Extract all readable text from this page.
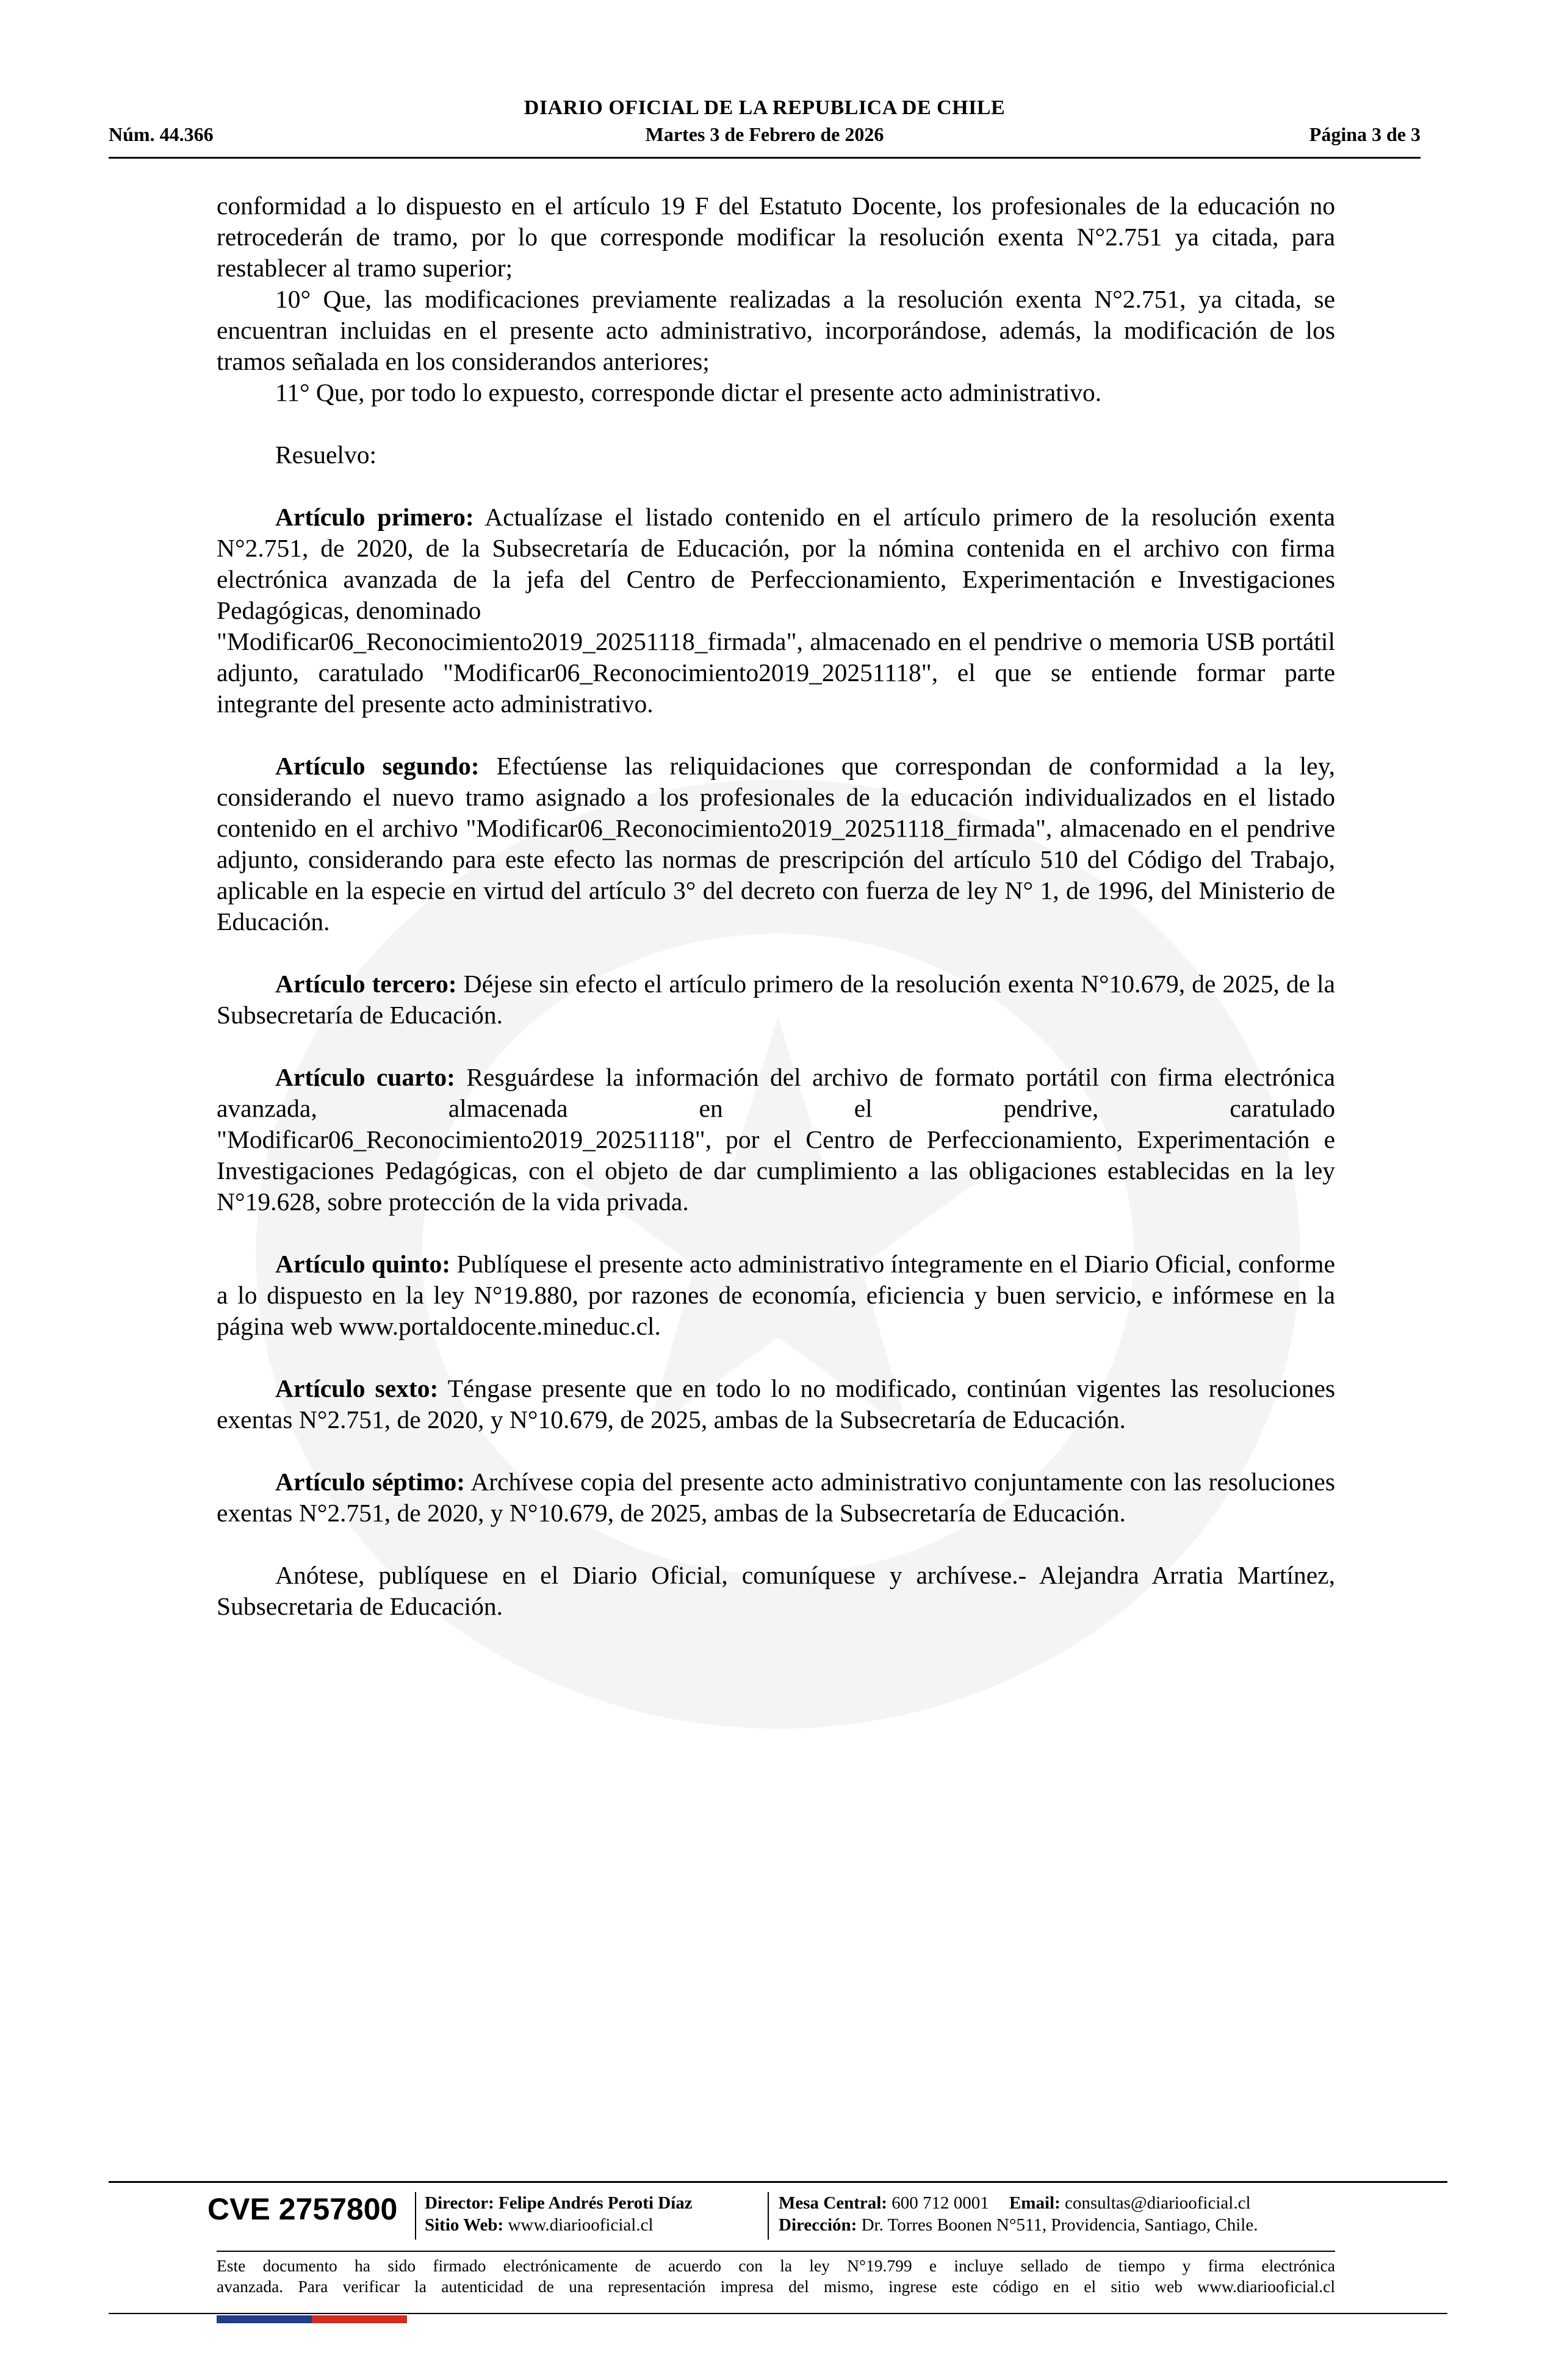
DIARIO OFICIAL DE LA REPUBLICA DE CHILE
Núm. 44.366	Martes 3 de Febrero de 2026	Página 3 de 3

conformidad a lo dispuesto en el artículo 19 F del Estatuto Docente, los profesionales de la educación no retrocederán de tramo, por lo que corresponde modificar la resolución exenta N°2.751 ya citada, para restablecer al tramo superior;

10° Que, las modificaciones previamente realizadas a la resolución exenta N°2.751, ya citada, se encuentran incluidas en el presente acto administrativo, incorporándose, además, la modificación de los tramos señalada en los considerandos anteriores;

11° Que, por todo lo expuesto, corresponde dictar el presente acto administrativo.

Resuelvo:

Artículo primero: Actualízase el listado contenido en el artículo primero de la resolución exenta N°2.751, de 2020, de la Subsecretaría de Educación, por la nómina contenida en el archivo con firma electrónica avanzada de la jefa del Centro de Perfeccionamiento, Experimentación e Investigaciones Pedagógicas, denominado

"Modificar06_Reconocimiento2019_20251118_firmada", almacenado en el pendrive o memoria USB portátil adjunto, caratulado "Modificar06_Reconocimiento2019_20251118", el que se entiende formar parte integrante del presente acto administrativo.

Artículo segundo: Efectúense las reliquidaciones que correspondan de conformidad a la ley, considerando el nuevo tramo asignado a los profesionales de la educación individualizados en el listado contenido en el archivo "Modificar06_Reconocimiento2019_20251118_firmada", almacenado en el pendrive adjunto, considerando para este efecto las normas de prescripción del artículo 510 del Código del Trabajo, aplicable en la especie en virtud del artículo 3° del decreto con fuerza de ley N° 1, de 1996, del Ministerio de Educación.

Artículo tercero: Déjese sin efecto el artículo primero de la resolución exenta N°10.679, de 2025, de la Subsecretaría de Educación.

Artículo cuarto: Resguárdese la información del archivo de formato portátil con firma electrónica avanzada, almacenada en el pendrive, caratulado

"Modificar06_Reconocimiento2019_20251118", por el Centro de Perfeccionamiento, Experimentación e Investigaciones Pedagógicas, con el objeto de dar cumplimiento a las obligaciones establecidas en la ley N°19.628, sobre protección de la vida privada.

Artículo quinto: Publíquese el presente acto administrativo íntegramente en el Diario Oficial, conforme a lo dispuesto en la ley N°19.880, por razones de economía, eficiencia y buen servicio, e infórmese en la página web www.portaldocente.mineduc.cl.

Artículo sexto: Téngase presente que en todo lo no modificado, continúan vigentes las resoluciones exentas N°2.751, de 2020, y N°10.679, de 2025, ambas de la Subsecretaría de Educación.

Artículo séptimo: Archívese copia del presente acto administrativo conjuntamente con las resoluciones exentas N°2.751, de 2020, y N°10.679, de 2025, ambas de la Subsecretaría de Educación.

Anótese, publíquese en el Diario Oficial, comuníquese y archívese.- Alejandra Arratia Martínez, Subsecretaria de Educación.

CVE 2757800 Director: Felipe Andrés Peroti Díaz
Sitio Web: www.diariooficial.cl
Mesa Central: 600 712 0001 Email: consultas@diariooficial.cl
Dirección: Dr. Torres Boonen N°511, Providencia, Santiago, Chile.
Este documento ha sido firmado electrónicamente de acuerdo con la ley N°19.799 e incluye sellado de tiempo y firma electrónica
avanzada. Para verificar la autenticidad de una representación impresa del mismo, ingrese este código en el sitio web www.diariooficial.cl
